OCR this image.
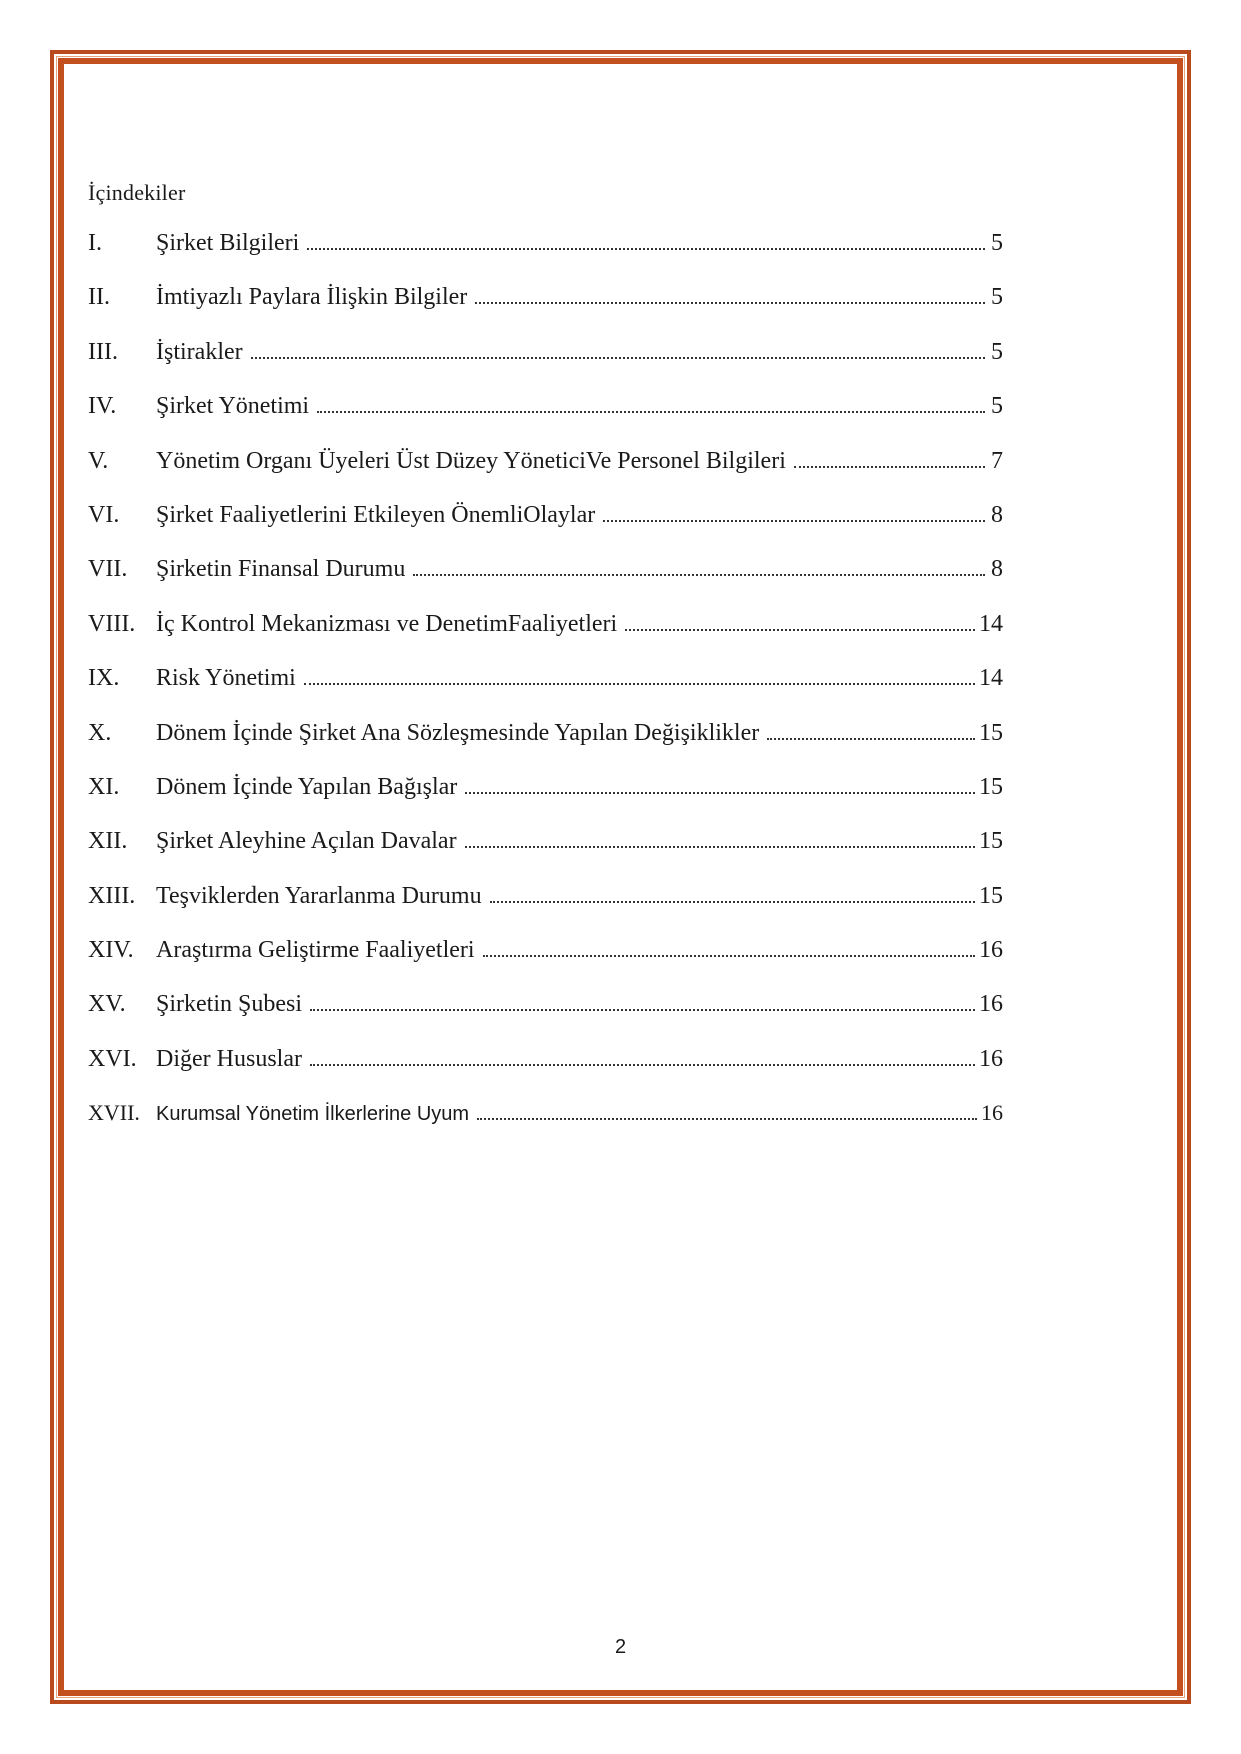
İçindekiler
I.	Şirket Bilgileri	5
II.	İmtiyazlı Paylara İlişkin Bilgiler	5
III.	İştirakler	5
IV.	Şirket Yönetimi	5
V.	Yönetim Organı Üyeleri Üst Düzey YöneticiVe Personel Bilgileri	7
VI.	Şirket Faaliyetlerini Etkileyen ÖnemliOlaylar	8
VII.	Şirketin Finansal Durumu	8
VIII. İç Kontrol Mekanizması ve DenetimFaaliyetleri	14
IX.	Risk Yönetimi	14
X.	Dönem İçinde Şirket Ana Sözleşmesinde Yapılan Değişiklikler	15
XI.	Dönem İçinde Yapılan Bağışlar	15
XII.	Şirket Aleyhine Açılan Davalar	15
XIII. Teşviklerden Yararlanma Durumu	15
XIV. Araştırma Geliştirme Faaliyetleri	16
XV.	Şirketin Şubesi	16
XVI. Diğer Hususlar	16
XVII. Kurumsal Yönetim İlkerlerine Uyum	16
2
